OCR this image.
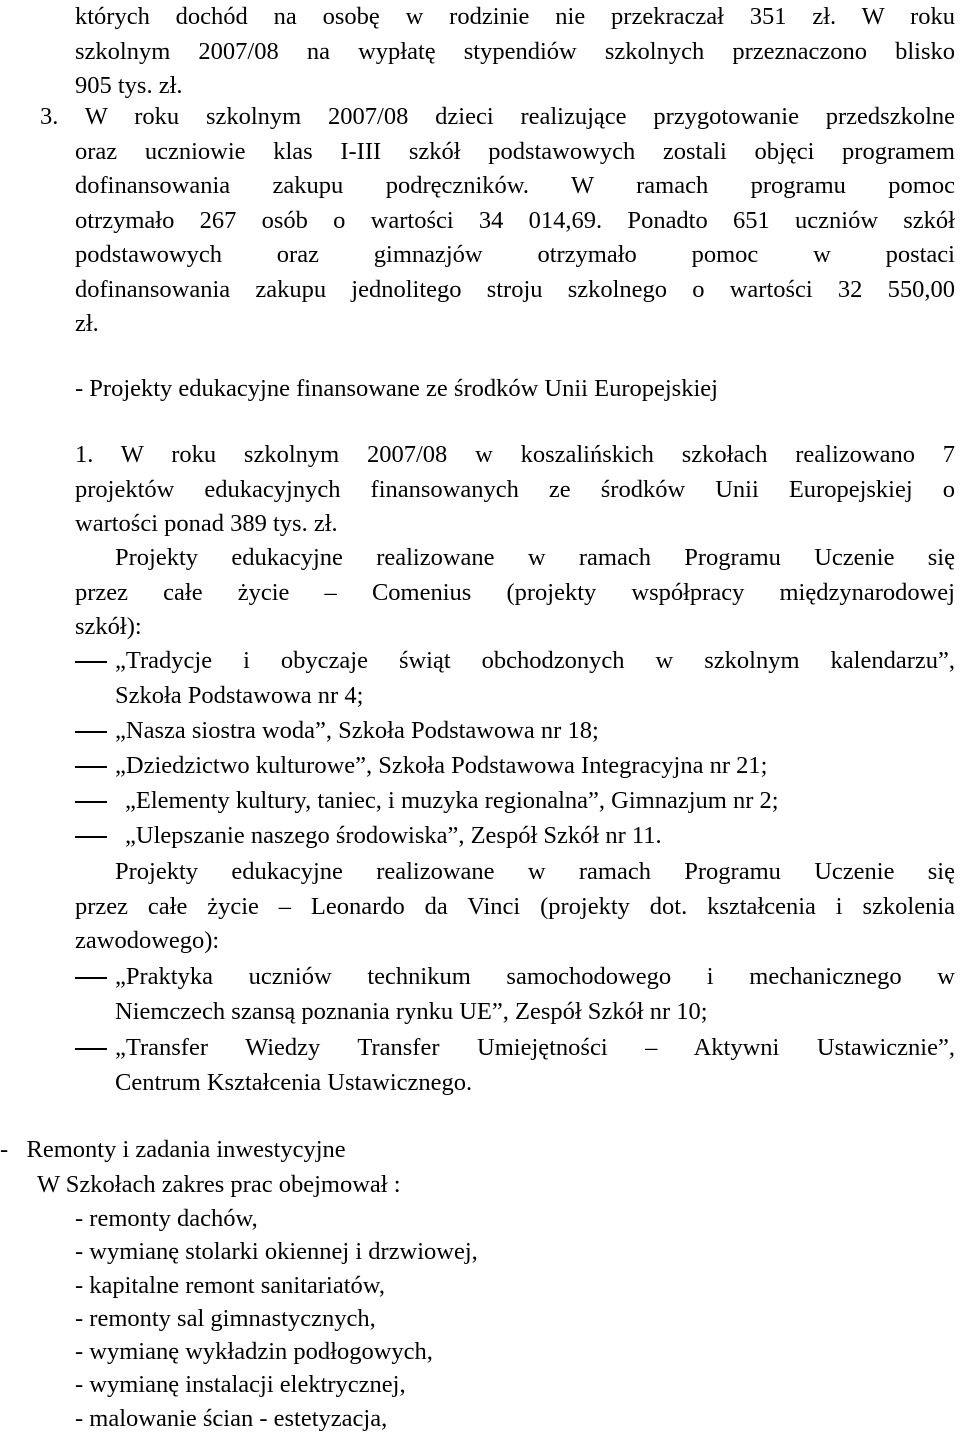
których dochód na osobę w rodzinie nie przekraczał 351 zł. W roku
szkolnym 2007/08 na wypłatę stypendiów szkolnych przeznaczono blisko
905 tys. zł.
3. W roku szkolnym 2007/08 dzieci realizujące przygotowanie przedszkolne
oraz uczniowie klas I-III szkół podstawowych zostali objęci programem
dofinansowania zakupu podręczników. W ramach programu pomoc
otrzymało 267 osób o wartości 34 014,69. Ponadto 651 uczniów szkół
podstawowych oraz gimnazjów otrzymało pomoc w postaci
dofinansowania zakupu jednolitego stroju szkolnego o wartości 32 550,00
zł.
- Projekty edukacyjne finansowane ze środków Unii Europejskiej
1. W roku szkolnym 2007/08 w koszalińskich szkołach realizowano 7
projektów edukacyjnych finansowanych ze środków Unii Europejskiej o
wartości ponad 389 tys. zł.
Projekty edukacyjne realizowane w ramach Programu Uczenie się
przez całe życie – Comenius (projekty współpracy międzynarodowej
szkół):
„Tradycje i obyczaje świąt obchodzonych w szkolnym kalendarzu”,
Szkoła Podstawowa nr 4;
„Nasza siostra woda”, Szkoła Podstawowa nr 18;
„Dziedzictwo kulturowe”, Szkoła Podstawowa Integracyjna nr 21;
„Elementy kultury, taniec, i muzyka regionalna”, Gimnazjum nr 2;
„Ulepszanie naszego środowiska”, Zespół Szkół nr 11.
Projekty edukacyjne realizowane w ramach Programu Uczenie się
przez całe życie – Leonardo da Vinci (projekty dot. kształcenia i szkolenia
zawodowego):
„Praktyka uczniów technikum samochodowego i mechanicznego w
Niemczech szansą poznania rynku UE”, Zespół Szkół nr 10;
„Transfer Wiedzy Transfer Umiejętności – Aktywni Ustawicznie”,
Centrum Kształcenia Ustawicznego.
-   Remonty i zadania inwestycyjne
W Szkołach zakres prac obejmował :
- remonty dachów,
- wymianę stolarki okiennej i drzwiowej,
- kapitalne remont sanitariatów,
- remonty sal gimnastycznych,
- wymianę wykładzin podłogowych,
- wymianę instalacji elektrycznej,
- malowanie ścian - estetyzacja,
